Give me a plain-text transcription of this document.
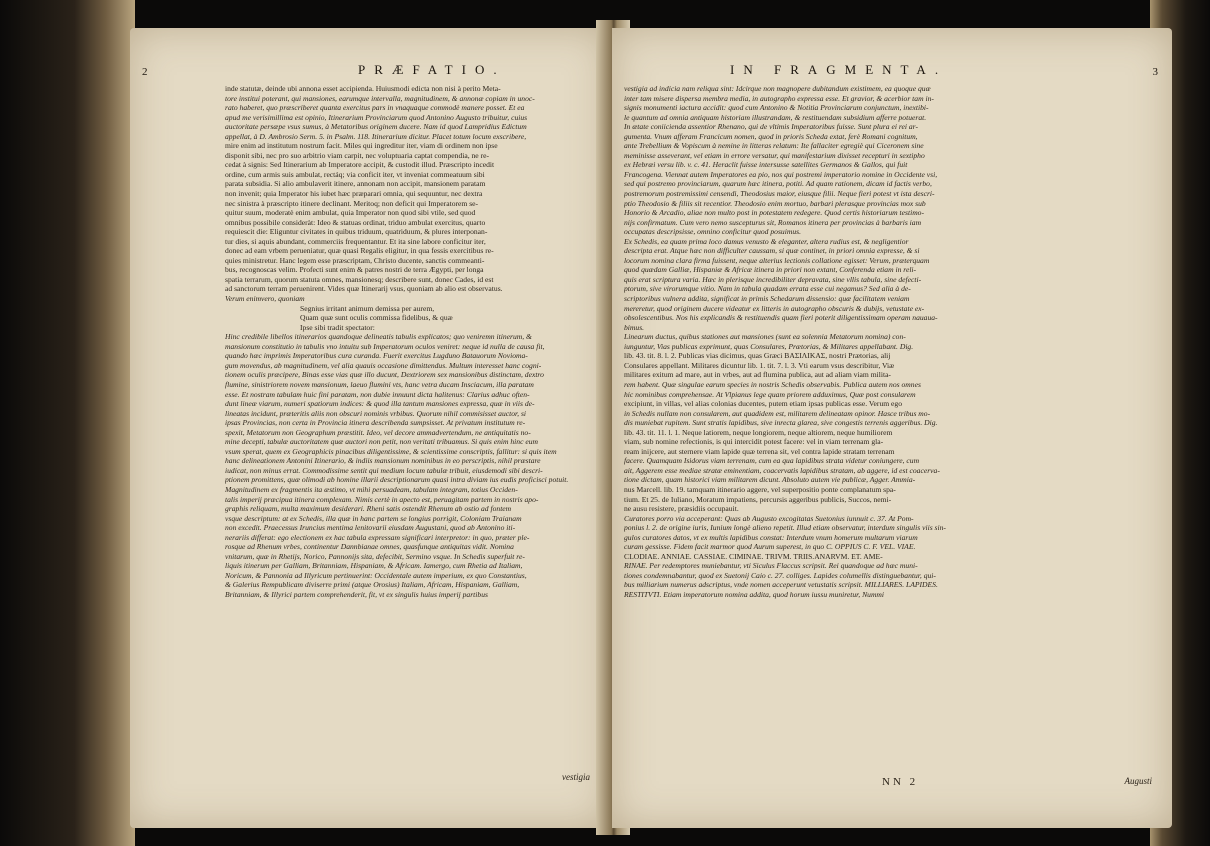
2	PRÆFATIO.
inde statutæ, deinde ubi annona esset accipienda. Huiusmodi edicta non nisi à perito Meta-
tore institui poterant, qui mansiones, earumque intervalla, magnitudinem, & annonæ copiam in unoc-
rato haberet, quo præscriberet quanta exercitus pars in vnaquaque commodè manere posset. Et ea
apud me verisimillima est opinio, Itinerarium Provinciarum quod Antonino Augusto tribuitur, cuius
auctoritate persæpe vsus sumus, à Metatoribus originem ducere. Nam id quod Lampridius Edictum
appellat, à D. Ambrosio Serm. 5. in Psalm. 118. Itinerarium dicitur. Placet totum locum exscribere,
mire enim ad institutum nostrum facit. Miles qui ingreditur iter, viam di ordinem non ipse
disponit sibi, nec pro suo arbitrio viam carpit, nec voluptuaria captat compendia, ne re-
cedat à signis: Sed Itinerarium ab Imperatore accipit, & custodit illud. Præscripto incedit
ordine, cum armis suis ambulat, rectáq; via conficit iter, vt inveniat commeatuum sibi
parata subsidia. Si alio ambulaverit itinere, annonam non accipit, mansionem paratam
non invenit; quia Imperator his iubet hæc præparari omnia, qui sequuntur, nec dextra
nec sinistra à præscripto itinere declinant. Meritoq; non deficit qui Imperatorem se-
quitur suum, moderatè enim ambulat, quia Imperator non quod sibi vtile, sed quod
omnibus possibile consideràt: Ideo & statuas ordinat, triduo ambulat exercitus, quarto
requiescit die: Eliguntur civitates in quibus triduum, quatriduum, & plures interponan-
tur dies, si aquis abundant, commerciis frequentantur. Et ita sine labore conficitur iter,
donec ad eam vrbem perueniatur, quæ quasi Regalis eligitur, in qua fessis exercitibus re-
quies ministretur. Hanc legem esse præscriptam, Christo ducente, sanctis commeanti-
bus, recognoscas velim. Profecti sunt enim & patres nostri de terra Ægypti, per longa
spatia terrarum, quorum statuta omnes, mansionesq; describere sunt, donec Cades, id est
ad sanctorum terram peruenirent. Vides quæ Itinerarij vsus, quoniam ab alio est observatus.
Verum enimvero, quoniam
Segnius irritant animum demissa per aurem,
Quam quæ sunt oculis commissa fidelibus, & quæ
Ipse sibi tradit spectator:
Hinc credibile libellos itinerarios quandoque delineatis tabulis explicatos; quo veniremn itinerum, &
mansionum constitutio in tabulis vno intuitu sub Imperatorum oculos veniret: neque id nulla de causa fit,
quando hæc imprimis Imperatoribus cura curanda. Fuerit exercitus Lugduno Batauorum Novioma-
gum movendus, ab magnitudinem, vel alia quauis occasione dimittendus. Multum interesset hanc cogni-
tionem oculis præcipere, Binas esse vias quæ illo ducunt, Dextriorem sex mansionibus distinctam, dextro
flumine, sinistriorem novem mansionum, laeuo flumini vts, hanc vetra ducam Insciacum, illa paratam
esse. Et nostram tabulam huic fini paratam, non dubie innuunt dicta halitenus: Clarius adhuc often-
dunt lineæ viarum, numeri spatiorum indices: & quod illa tantum mansiones expressa, quæ in viis de-
lineatas incidunt, præteritis aliis non obscuri nominis vrbibus. Quorum nihil commisisset auctor, si
ipsas Provincias, non certa in Provincia itinera describenda sumpsisset. At privatum institutum re-
spexit, Metatorum non Geographum præstitit. Ideo, vel decore ammadvertendum, ne antiquitatis no-
mine decepti, tabulæ auctoritatem quæ auctori non petit, non veritati tribuamus. Si quis enim hinc eum
vsum sperat, quem ex Geographicis pinacibus diligentissime, & scientissime conscriptis, fallitur: si quis item
hanc delineationem Antonini Itinerario, & indiis mansionum nominibus in eo perscriptis, nihil præstare
iudicat, non minus errat. Commodissime sentit qui medium locum tabulæ tribuit, eiusdemodi sibi descri-
ptionem promittens, quæ olimodi ab homine illarii descriptionarum quasi intra diviam ius eudis proficisci potuit.
Magnitudinem ex fragmentis ita æstimo, vt mihi persuadeam, tabulam integram, totius Occiden-
talis imperij præcipua itinera complexam. Nimis certè in apecto est, peruagitam partem in nostris apo-
graphis reliquam, multa maximum desiderari. Rheni satis ostendit Rhenum ab ostio ad fontem
vsque descriptum: at ex Schedis, illa quæ in hanc partem se longius porrigit, Coloniam Traianam
non excedit. Praecessus Iruncius mentima lenitovarii eiusdam Augustani, quod ab Antonino iti-
nerariis differat: ego electionem ex hac tabula expressam significari interpretor: in quo, præter ple-
rosque ad Rhenum vrbes, continentur Dannbianae omnes, quasfunque antiquitas vidit. Nomina
vnitarum, quæ in Rhetijs, Norico, Pannonijs sita, defecibit, Sermino vsque. In Schedis superfuit re-
liquis itinerum per Galliam, Britanniam, Hispaniam, & Africam. Iamergo, cum Rhetia ad Italiam,
Noricum, & Pannonia ad Illyricum pertinuerint: Occidentale autem imperium, ex quo Constantius,
& Galerius Rempublicam diviserre primi (atque Orosius) Italiam, Africam, Hispaniam, Galliam,
Britanniam, & Illyrici partem comprehenderit, fit, vt ex singulis huius imperij partibus
vestigia
IN FRAGMENTA.	3
vestigia ad indicia nam reliqua sint: Idcirque non magnopere dubitandum existimem, ea quoque quæ
inter tam misere dispersa membra media, in autographo expressa esse. Et gravior, & acerbior tam in-
signis monumenti iactura accidit: quod cum Antonino & Notitia Provinciarum conjunctum, inextibi-
le quantum ad omnia antiquam historiam illustrandam, & restituendam subsidium afferre potuerat.
In ætate coniicienda assentior Rhenano, qui de vltimis Imperatoribus fuisse. Sunt plura ei rei ar-
gumenta. Vnum afferam Francicum nomen, quod in prioris Scheda extat, ferè Romani cognitum,
ante Trebellium & Vopiscum à nemine in litteras relatum: Ite fallaciter egregiè qui Ciceronem sine
meminisse asseverant, vel etiam in errore versatur, qui manifestarium dixisset recepturi in sextipho
ex Hebræi versu lib. v. c. 41. Heraclit fuisse intersusse satellites Germanos & Gallos, qui fuit
Francogena. Viennat autem Imperatores ea pio, nos qui postremi imperatorio nomine in Occidente vsi,
sed qui postremo provinciarum, quarum hæc itinera, potiti. Ad quam rationem, dicam id factis verbo,
postremorum postremissimi censendi, Theodosius maior, eiusque filii. Neque fieri potest vt ista descri-
ptio Theodosio & filiis sit recentior. Theodosio enim mortuo, barbari plerasque provincias mox sub
Honorio & Arcadio, aliae non multo post in potestatem redegere. Quod certis historiarum testimo-
nijs confirmatum. Cum vero nemo suscepturus sit, Romanos itinera per provincias à barbaris iam
occupatas descripsisse, omnino conficitur quod posuimus.
Ex Schedis, ea quam prima loco damus venusto & eleganter, altera rudius est, & negligentior
descripta erat. Atque hæc non difficulter caussam, si quæ continet, in priori omnia expresse, & si
locorum nomina clara firma fuissent, neque alterius lectionis collatione egisset: Verum, præterquam
quod quædam Galliæ, Hispaniæ & Africæ itinera in priori non extant, Conferenda etiam in reli-
quis erat scriptura varia. Hæc in plerisque incredibiliter depravata, sine vllis tabula, sine defecti-
ptorum, sive virorumque vitio. Nam in tabula quadam errata esse cui negamus? Sed alia à de-
scriptoribus vulnera addita, significat in primis Schedarum dissensio: quæ facilitatem veniam
mereretur, quod originem ducere videatur ex litteris in autographo obscuris & dubijs, vetustate ex-
obsolescentibus. Nos his explicandis & restituendis quam fieri poterit diligentissimam operam nauaua-
bimus.
Linearum ductus, quibus stationes aut mansiones (sunt ea solennia Metatorum nomina) con-
iunguntur, Vias publicas exprimunt, quas Consulares, Prætorias, & Militares appellabant. Dig.
lib. 43. tit. 8. l. 2. Publicas vias dicimus, quas Græci ΒΑΣΙΛΙΚΑΣ, nostri Prætorias, alij
Consulares appellant. Militares dicuntur lib. 1. tit. 7. l. 3. Vti earum vsus describitur, Viæ
militares exitum ad mare, aut in vrbes, aut ad flumina publica, aut ad aliam viam milita-
rem habent. Quæ singulae earum species in nostris Schedis observabis. Publica autem nos omnes
hic nominibus comprehensae. At Vlpianus lege quam priorem adduximus, Quæ post consularem
excipiunt, in villas, vel alias colonias ducentes, putem etiam ipsas publicas esse. Verum ego
in Schedis nullam non consularem, aut quadidem est, militarem delineatam opinor. Hasce tribus mo-
dis muniebat rupitem. Sunt stratis lapidibus, sive inrecta glarea, sive congestis terrenis aggeribus. Dig.
lib. 43. tit. 11. l. 1. Neque latiorem, neque longiorem, neque altiorem, neque humiliorem
viam, sub nomine refectionis, is qui intercidit potest facere: vel in viam terrenam gla-
ream inijcere, aut sternere viam lapide quæ terrena sit, vel contra lapide stratam terrenam
facere. Quamquam Isidorus viam terrenam, cum ea qua lapidibus strata videtur coniungere, cum
ait, Aggerem esse mediae stratæ eminentiam, coacervatis lapidibus stratam, ab aggere, id est coacerva-
tione dictam, quam historici viam militarem dicunt. Absoluto autem vie publicæ, Agger. Ammia-
nus Marcell. lib. 19. tamquam itinerario aggere, vel superpositio ponte complanatum spa-
tium. Et 25. de Iuliano, Moratum impatiens, percursis aggeribus publicis, Succos, nemi-
ne ausu resistere, præsidiis occupauit.
Curatores porro via acceperant: Quas ab Augusto excogitatas Suetonius iunnuit c. 37. At Pom-
ponius l. 2. de origine iuris, Iunium longè alieno repetit. Illud etiam observatur, interdum singulis viis sin-
gulos curatores datos, vt ex multis lapidibus constat: Interdum vnum homerum multarum viarum
curam gessisse. Fidem facit marmor quod Aurum superest, in quo C. OPPIUS C. F. VEL. VIAE.
CLODIAE. ANNIAE. CASSIAE. CIMINAE. TRIVM. TRIIS.ANARVM. ET. AME-
RINAE. Per redemptores muniebantur, vti Siculus Flaccus scripsit. Rei quandoque ad hæc muni-
tiones condemnabantur, quod ex Suetonij Caio c. 27. colliges. Lapides columellis distinguebantur, qui-
bus milliarium numerus adscriptus, vnde nomen acceperunt vetustatis scripsit. MILLIARES. LAPIDES.
RESTITVTI. Etiam imperatorum nomina addita, quod horum iussu muniretur, Nummi
NN 2	Augusti
